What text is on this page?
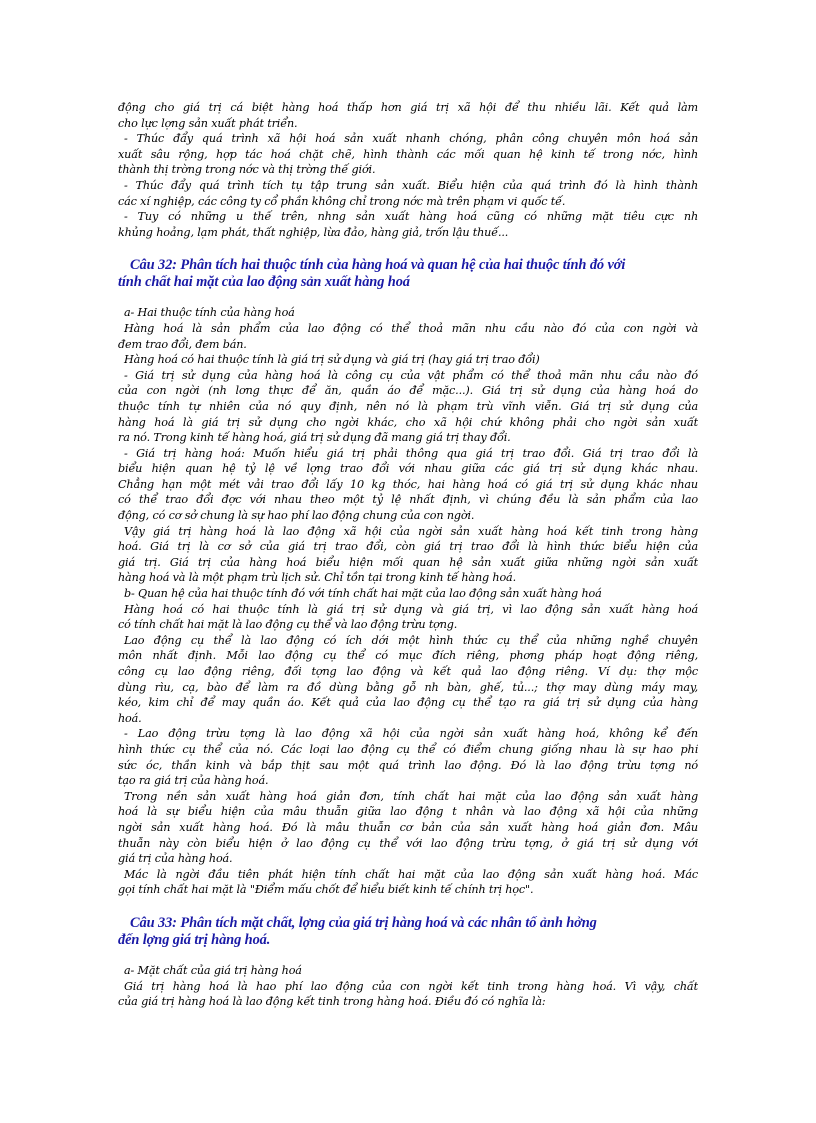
động cho giá trị cá biệt hàng hoá thấp hơn giá trị xã hội để thu nhiều lãi. Kết quả làm
cho lực lợng sản xuất phát triển.
- Thúc đẩy quá trình xã hội hoá sản xuất nhanh chóng, phân công chuyên môn hoá sản
xuất sâu rộng, hợp tác hoá chặt chẽ, hình thành các mối quan hệ kinh tế trong nớc, hình
thành thị trờng trong nớc và thị trờng thế giới.
- Thúc đẩy quá trình tích tụ tập trung sản xuất. Biểu hiện của quá trình đó là hình thành
các xí nghiệp, các công ty cổ phần không chỉ trong nớc mà trên phạm vi quốc tế.
- Tuy có những u thế trên, nhng sản xuất hàng hoá cũng có những mặt tiêu cực nh
khủng hoảng, lạm phát, thất nghiệp, lừa đảo, hàng giả, trốn lậu thuế...
Câu 32: Phân tích hai thuộc tính của hàng hoá và quan hệ của hai thuộc tính đó với
tính chất hai mặt của lao động sản xuất hàng hoá
a- Hai thuộc tính của hàng hoá
Hàng hoá là sản phẩm của lao động có thể thoả mãn nhu cầu nào đó của con ngời và
đem trao đổi, đem bán.
Hàng hoá có hai thuộc tính là giá trị sử dụng và giá trị (hay giá trị trao đổi)
- Giá trị sử dụng của hàng hoá là công cụ của vật phẩm có thể thoả mãn nhu cầu nào đó
của con ngời (nh lơng thực để ăn, quần áo để mặc...). Giá trị sử dụng của hàng hoá do
thuộc tính tự nhiên của nó quy định, nên nó là phạm trù vĩnh viễn. Giá trị sử dụng của
hàng hoá là giá trị sử dụng cho ngời khác, cho xã hội chứ không phải cho ngời sản xuất
ra nó. Trong kinh tế hàng hoá, giá trị sử dụng đã mang giá trị thay đổi.
- Giá trị hàng hoá: Muốn hiểu giá trị phải thông qua giá trị trao đổi. Giá trị trao đổi là
biểu hiện quan hệ tỷ lệ về lợng trao đổi với nhau giữa các giá trị sử dụng khác nhau.
Chẳng hạn một mét vải trao đổi lấy 10 kg thóc, hai hàng hoá có giá trị sử dụng khác nhau
có thể trao đổi đợc với nhau theo một tỷ lệ nhất định, vì chúng đều là sản phẩm của lao
động, có cơ sở chung là sự hao phí lao động chung của con ngời.
Vậy giá trị hàng hoá là lao động xã hội của ngời sản xuất hàng hoá kết tinh trong hàng
hoá. Giá trị là cơ sở của giá trị trao đổi, còn giá trị trao đổi là hình thức biểu hiện của
giá trị. Giá trị của hàng hoá biểu hiện mối quan hệ sản xuất giữa những ngời sản xuất
hàng hoá và là một phạm trù lịch sử. Chỉ tồn tại trong kinh tế hàng hoá.
b- Quan hệ của hai thuộc tính đó với tính chất hai mặt của lao động sản xuất hàng hoá
Hàng hoá có hai thuộc tính là giá trị sử dụng và giá trị, vì lao động sản xuất hàng hoá
có tính chất hai mặt là lao động cụ thể và lao động trừu tợng.
Lao động cụ thể là lao động có ích dới một hình thức cụ thể của những nghề chuyên
môn nhất định. Mỗi lao động cụ thể có mục đích riêng, phơng pháp hoạt động riêng,
công cụ lao động riêng, đối tợng lao động và kết quả lao động riêng. Ví dụ: thợ mộc
dùng rìu, cạ, bào để làm ra đồ dùng bằng gỗ nh bàn, ghế, tủ...; thợ may dùng máy may,
kéo, kim chỉ để may quần áo. Kết quả của lao động cụ thể tạo ra giá trị sử dụng của hàng
hoá.
- Lao động trừu tợng là lao động xã hội của ngời sản xuất hàng hoá, không kể đến
hình thức cụ thể của nó. Các loại lao động cụ thể có điểm chung giống nhau là sự hao phí
sức óc, thần kinh và bắp thịt sau một quá trình lao động. Đó là lao động trừu tợng nó
tạo ra giá trị của hàng hoá.
Trong nền sản xuất hàng hoá giản đơn, tính chất hai mặt của lao động sản xuất hàng
hoá là sự biểu hiện của mâu thuẫn giữa lao động t nhân và lao động xã hội của những
ngời sản xuất hàng hoá. Đó là mâu thuẫn cơ bản của sản xuất hàng hoá giản đơn. Mâu
thuẫn này còn biểu hiện ở lao động cụ thể với lao động trừu tợng, ở giá trị sử dụng với
giá trị của hàng hoá.
Mác là ngời đầu tiên phát hiện tính chất hai mặt của lao động sản xuất hàng hoá. Mác
gọi tính chất hai mặt là "Điểm mấu chốt để hiểu biết kinh tế chính trị học".
Câu 33: Phân tích mặt chất, lợng của giá trị hàng hoá và các nhân tố ảnh hởng
đến lợng giá trị hàng hoá.
a- Mặt chất của giá trị hàng hoá
Giá trị hàng hoá là hao phí lao động của con ngời kết tinh trong hàng hoá. Vì vậy, chất
của giá trị hàng hoá là lao động kết tinh trong hàng hoá. Điều đó có nghĩa là:
